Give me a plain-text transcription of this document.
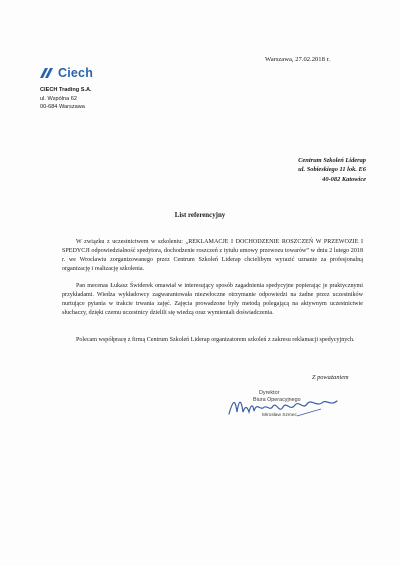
Warszawa, 27.02.2018 r.
Ciech
CIECH Trading S.A.
ul. Wspólna 62
00-684 Warszawa
Centrum Szkoleń Liderap
ul. Sobieskiego 11 lok. E6
40-082 Katowice
List referencyjny

W związku z uczestnictwem w szkoleniu: „REKLAMACJE I DOCHODZENIE ROSZCZEŃ W PRZEWOZIE I SPEDYCJI odpowiedzialność spedytora, dochodzenie roszczeń z tytułu umowy przewozu towarów” w dniu 2 lutego 2018 r. we Wrocławiu zorganizowanego przez Centrum Szkoleń Liderap chcielibym wyrazić uznanie za profesjonalną organizację i realizację szkolenia.

Pan mecenas Łukasz Świderek omawiał w interesujący sposób zagadnienia spedycyjne popierając je praktycznymi przykładami. Wiedza wykładowcy zagwarantowała niezwłoczne otrzymanie odpowiedzi na żadne przez uczestników nurtujące pytania w trakcie trwania zajęć. Zajęcia prowadzone były metodą polegającą na aktywnym uczestnictwie słuchaczy, dzięki czemu uczestnicy dzielili się wiedzą oraz wymieniali doświadczenia.

Polecam współpracę z firmą Centrum Szkoleń Liderap organizatorem szkoleń z zakresu reklamacji spedycyjnych.

Z poważaniem
Dyrektor
Biura Operacyjnego
Mirosław Szmec
